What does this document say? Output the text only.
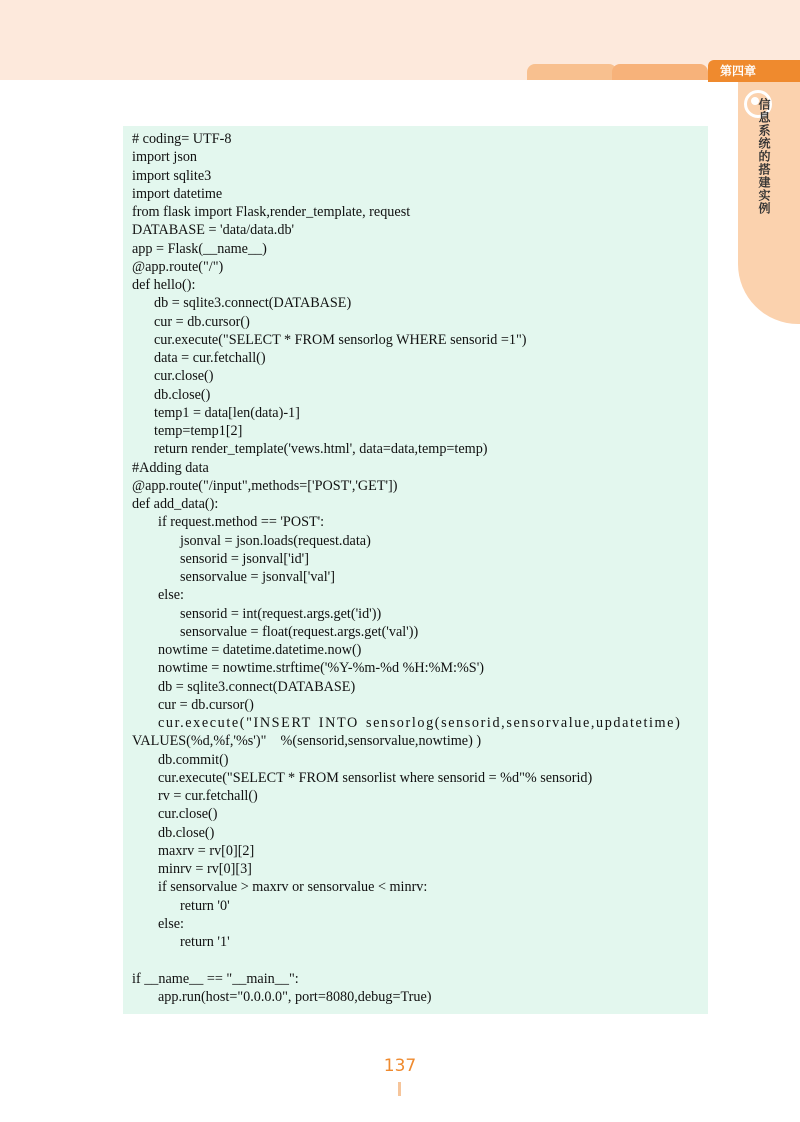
第四章
信息系统的搭建实例
# coding= UTF-8
import json
import sqlite3
import datetime
from flask import Flask,render_template, request
DATABASE = 'data/data.db'
app = Flask(__name__)
@app.route("/")
def hello():
db = sqlite3.connect(DATABASE)
cur = db.cursor()
cur.execute("SELECT * FROM sensorlog WHERE sensorid =1")
data = cur.fetchall()
cur.close()
db.close()
temp1 = data[len(data)-1]
temp=temp1[2]
return render_template('vews.html', data=data,temp=temp)
#Adding data
@app.route("/input",methods=['POST','GET'])
def add_data():
if request.method == 'POST':
jsonval = json.loads(request.data)
sensorid = jsonval['id']
sensorvalue = jsonval['val']
else:
sensorid = int(request.args.get('id'))
sensorvalue = float(request.args.get('val'))
nowtime = datetime.datetime.now()
nowtime = nowtime.strftime('%Y-%m-%d %H:%M:%S')
db = sqlite3.connect(DATABASE)
cur = db.cursor()
cur.execute("INSERT INTO sensorlog(sensorid,sensorvalue,updatetime)
VALUES(%d,%f,'%s')"    %(sensorid,sensorvalue,nowtime) )
db.commit()
cur.execute("SELECT * FROM sensorlist where sensorid = %d"% sensorid)
rv = cur.fetchall()
cur.close()
db.close()
maxrv = rv[0][2]
minrv = rv[0][3]
if sensorvalue > maxrv or sensorvalue < minrv:
return '0'
else:
return '1'
if __name__ == "__main__":
app.run(host="0.0.0.0", port=8080,debug=True)
137
